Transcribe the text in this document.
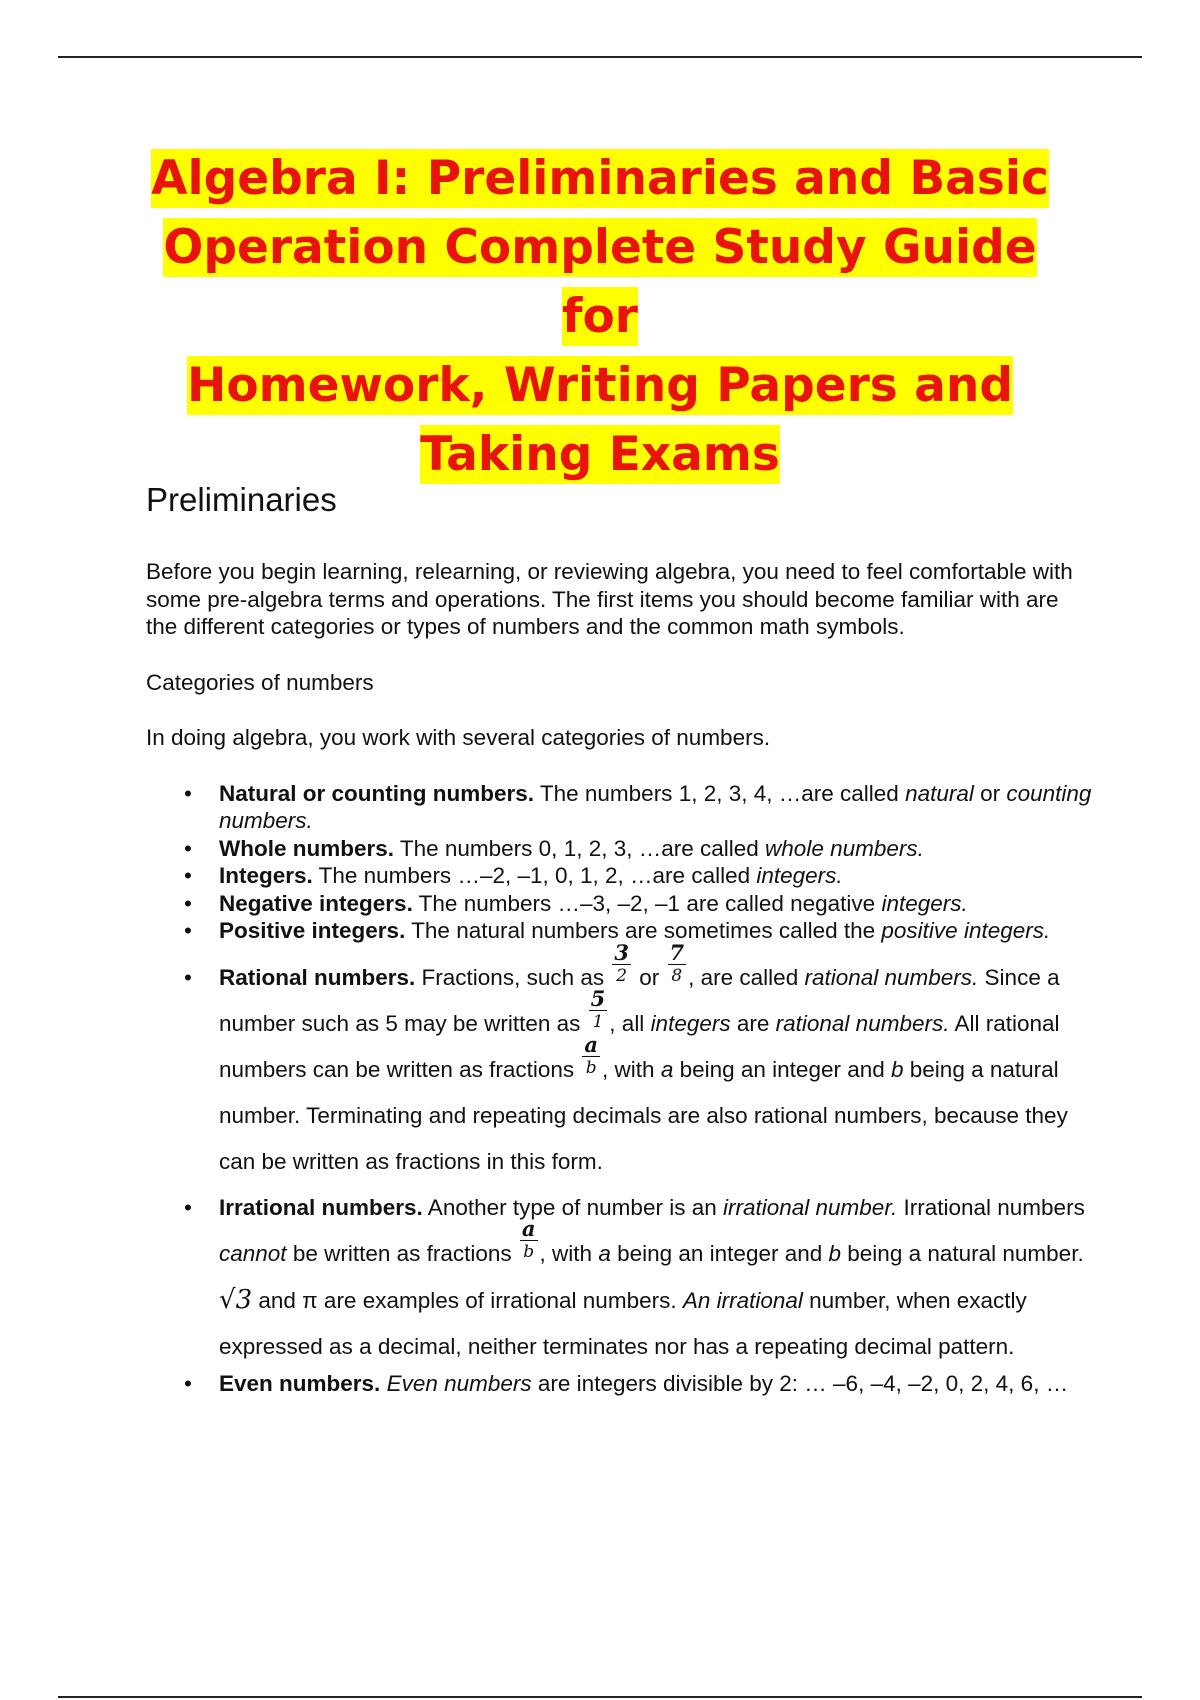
Algebra I: Preliminaries and Basic
Operation Complete Study Guide for
Homework, Writing Papers and
Taking Exams
Preliminaries

Before you begin learning, relearning, or reviewing algebra, you need to feel comfortable with some pre-algebra terms and operations. The first items you should become familiar with are the different categories or types of numbers and the common math symbols.

Categories of numbers

In doing algebra, you work with several categories of numbers.

• Natural or counting numbers. The numbers 1, 2, 3, 4, …are called natural or counting numbers.
• Whole numbers. The numbers 0, 1, 2, 3, …are called whole numbers.
• Integers. The numbers …–2, –1, 0, 1, 2, …are called integers.
• Negative integers. The numbers …–3, –2, –1 are called negative integers.
• Positive integers. The natural numbers are sometimes called the positive integers.
• Rational numbers. Fractions, such as $\frac{3}{2}$ or $\frac{7}{8}$ , are called rational numbers. Since a number such as 5 may be written as $\frac{5}{1}$ , all integers are rational numbers. All rational numbers can be written as fractions $\frac{a}{b}$ , with a being an integer and b being a natural number. Terminating and repeating decimals are also rational numbers, because they can be written as fractions in this form.
• Irrational numbers. Another type of number is an irrational number. Irrational numbers cannot be written as fractions $\frac{a}{b}$ , with a being an integer and b being a natural number. √3 and π are examples of irrational numbers. An irrational number, when exactly expressed as a decimal, neither terminates nor has a repeating decimal pattern.
• Even numbers. Even numbers are integers divisible by 2: … –6, –4, –2, 0, 2, 4, 6, …
